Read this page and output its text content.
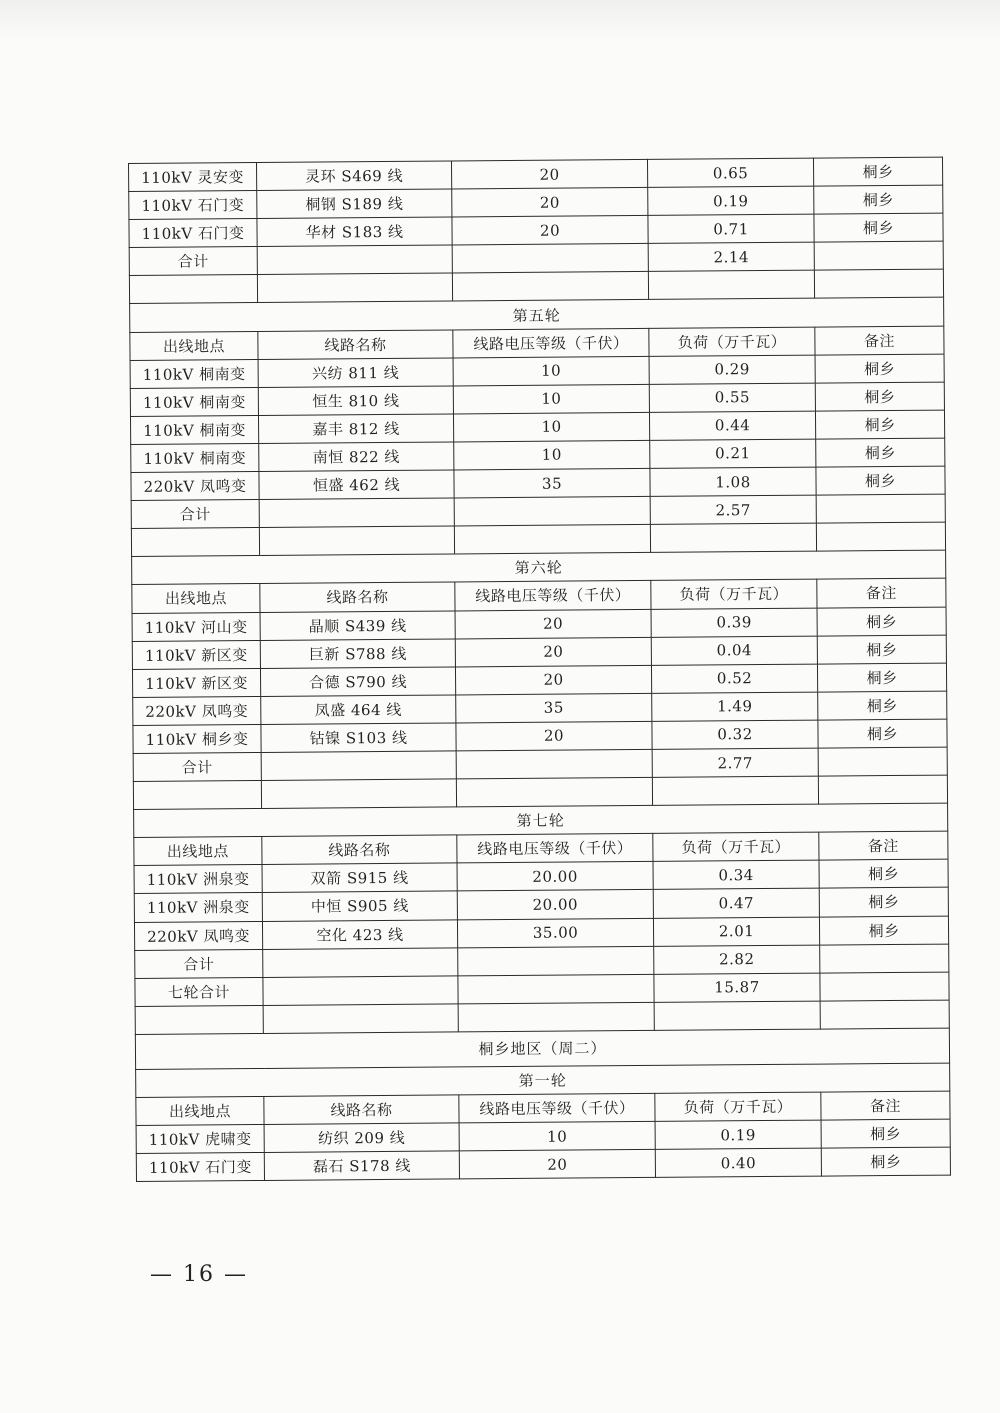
110kV 灵安变	灵环 S469 线	20	0.65	桐乡
110kV 石门变	桐钢 S189 线	20	0.19	桐乡
110kV 石门变	华材 S183 线	20	0.71	桐乡
合计			2.14	

第五轮				
出线地点	线路名称	线路电压等级（千伏）	负荷（万千瓦）	备注
110kV 桐南变	兴纺 811 线	10	0.29	桐乡
110kV 桐南变	恒生 810 线	10	0.55	桐乡
110kV 桐南变	嘉丰 812 线	10	0.44	桐乡
110kV 桐南变	南恒 822 线	10	0.21	桐乡
220kV 凤鸣变	恒盛 462 线	35	1.08	桐乡
合计			2.57	

第六轮				
出线地点	线路名称	线路电压等级（千伏）	负荷（万千瓦）	备注
110kV 河山变	晶顺 S439 线	20	0.39	桐乡
110kV 新区变	巨新 S788 线	20	0.04	桐乡
110kV 新区变	合德 S790 线	20	0.52	桐乡
220kV 凤鸣变	凤盛 464 线	35	1.49	桐乡
110kV 桐乡变	钴镍 S103 线	20	0.32	桐乡
合计			2.77	

第七轮				
出线地点	线路名称	线路电压等级（千伏）	负荷（万千瓦）	备注
110kV 洲泉变	双箭 S915 线	20.00	0.34	桐乡
110kV 洲泉变	中恒 S905 线	20.00	0.47	桐乡
220kV 凤鸣变	空化 423 线	35.00	2.01	桐乡
合计			2.82	
七轮合计			15.87	

桐乡地区（周二）				
第一轮				
出线地点	线路名称	线路电压等级（千伏）	负荷（万千瓦）	备注
110kV 虎啸变	纺织 209 线	10	0.19	桐乡
110kV 石门变	磊石 S178 线	20	0.40	桐乡
— 16 —
